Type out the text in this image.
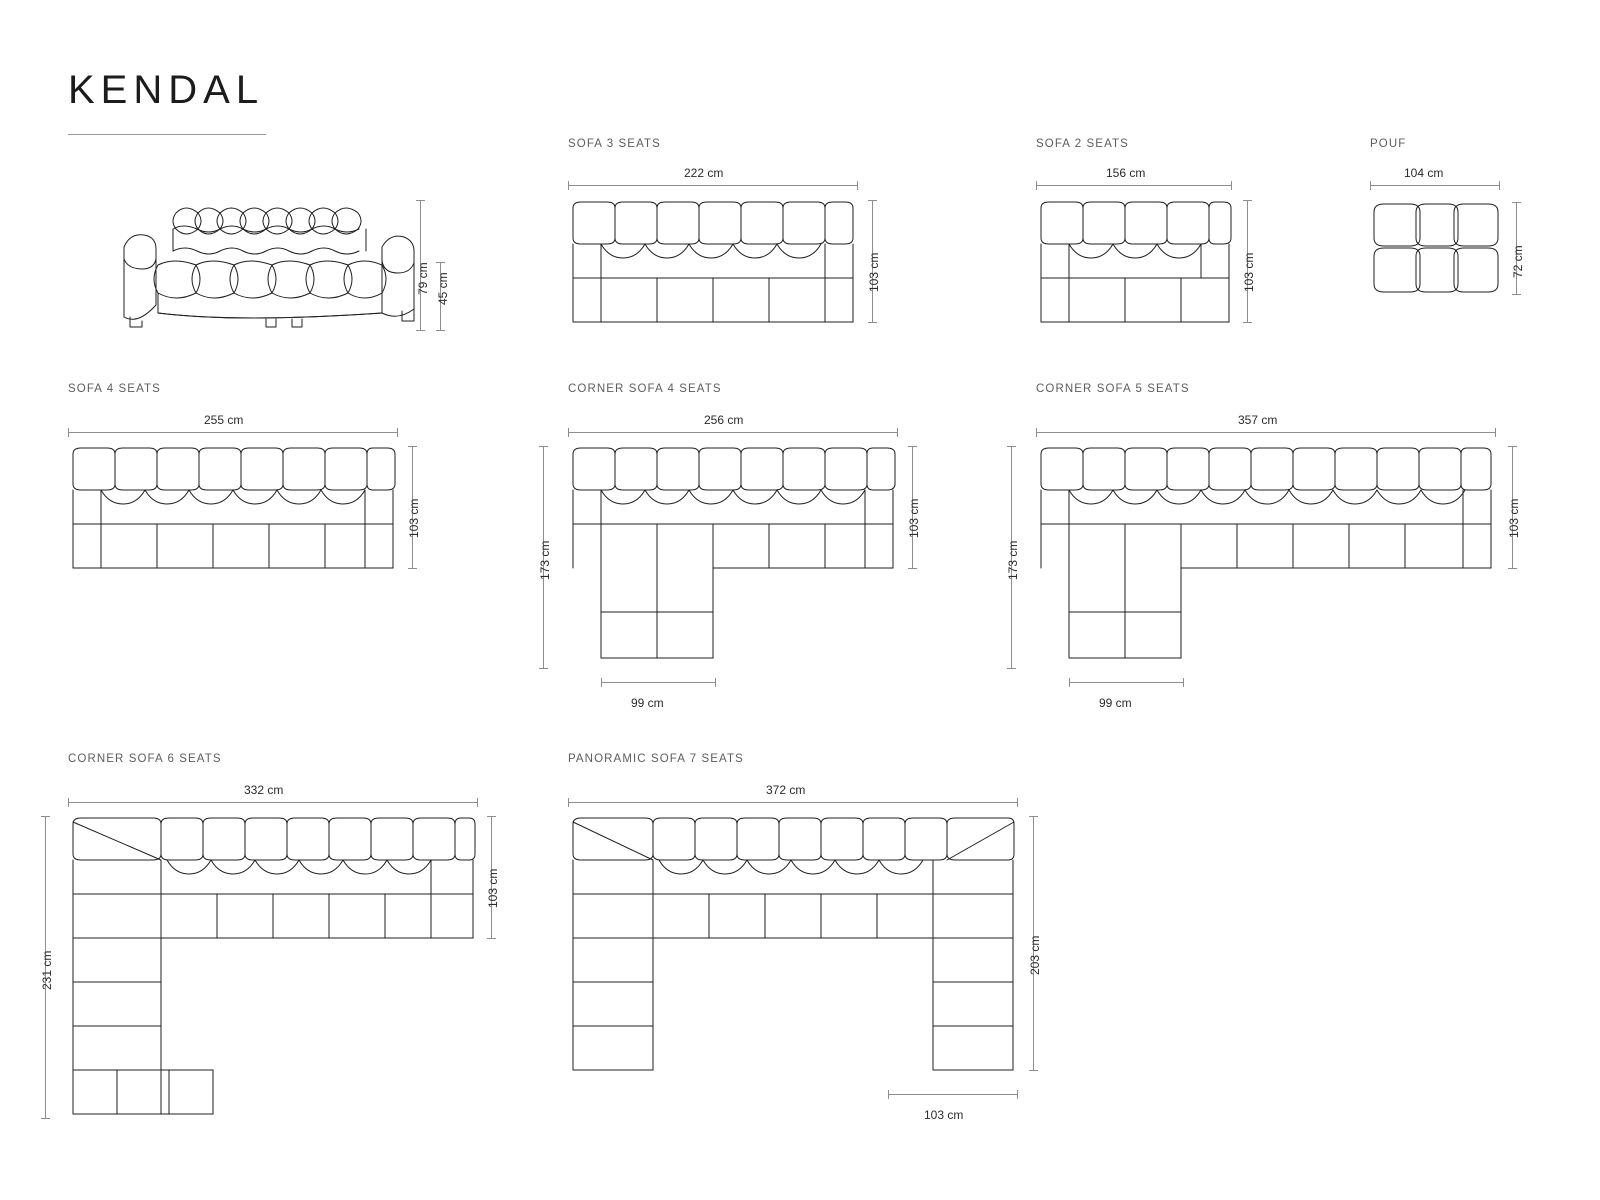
KENDAL
79 cm 45 cm
SOFA 3 SEATS
222 cm
103 cm
SOFA 2 SEATS
156 cm
103 cm
POUF
104 cm
72 cm
SOFA 4 SEATS
255 cm
103 cm
CORNER SOFA 4 SEATS
256 cm
103 cm
173 cm
99 cm
CORNER SOFA 5 SEATS
357 cm
103 cm
173 cm
99 cm
CORNER SOFA 6 SEATS
332 cm
103 cm
231 cm
PANORAMIC SOFA 7 SEATS
372 cm
203 cm
103 cm
